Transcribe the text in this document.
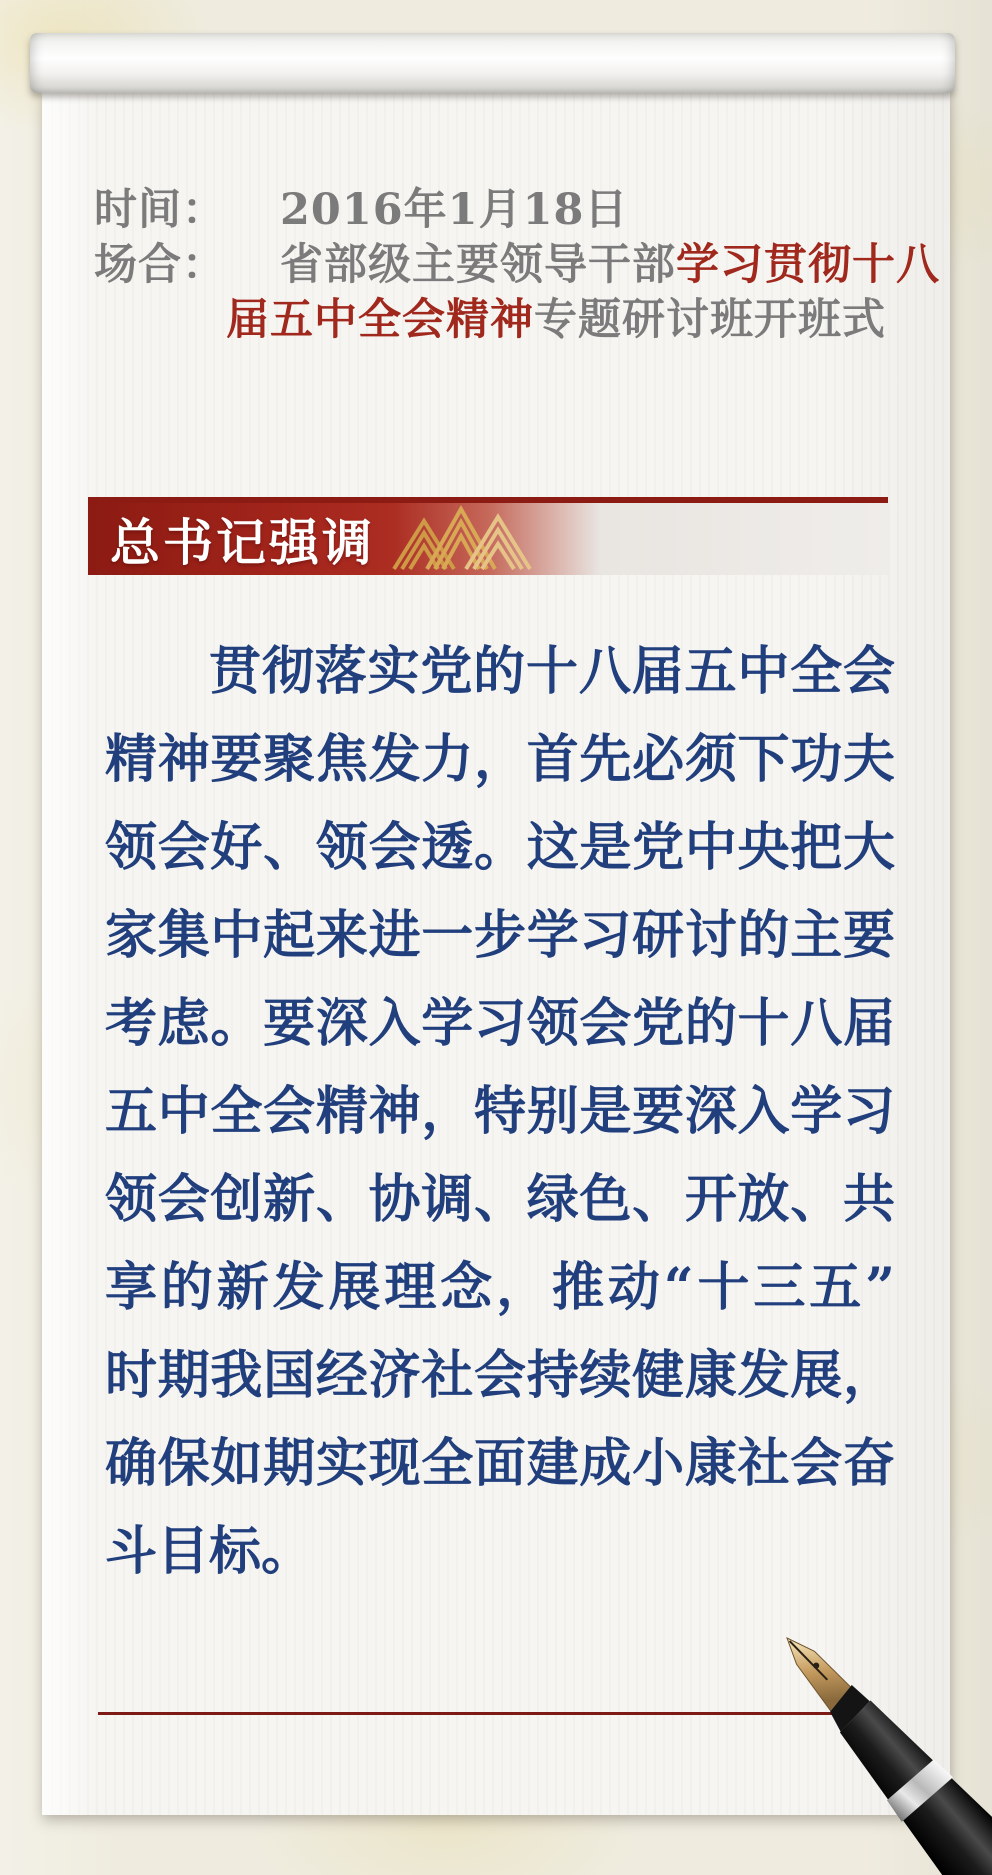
时间：	2016年1月18日
场合：	省部级主要领导干部学习贯彻十八
届五中全会精神专题研讨班开班式
总书记强调
贯彻落实党的十八届五中全会
精神要聚焦发力，首先必须下功夫
领会好、领会透。这是党中央把大
家集中起来进一步学习研讨的主要
考虑。要深入学习领会党的十八届
五中全会精神，特别是要深入学习
领会创新、协调、绿色、开放、共
享的新发展理念，推动“十三五”
时期我国经济社会持续健康发展，
确保如期实现全面建成小康社会奋
斗目标。
